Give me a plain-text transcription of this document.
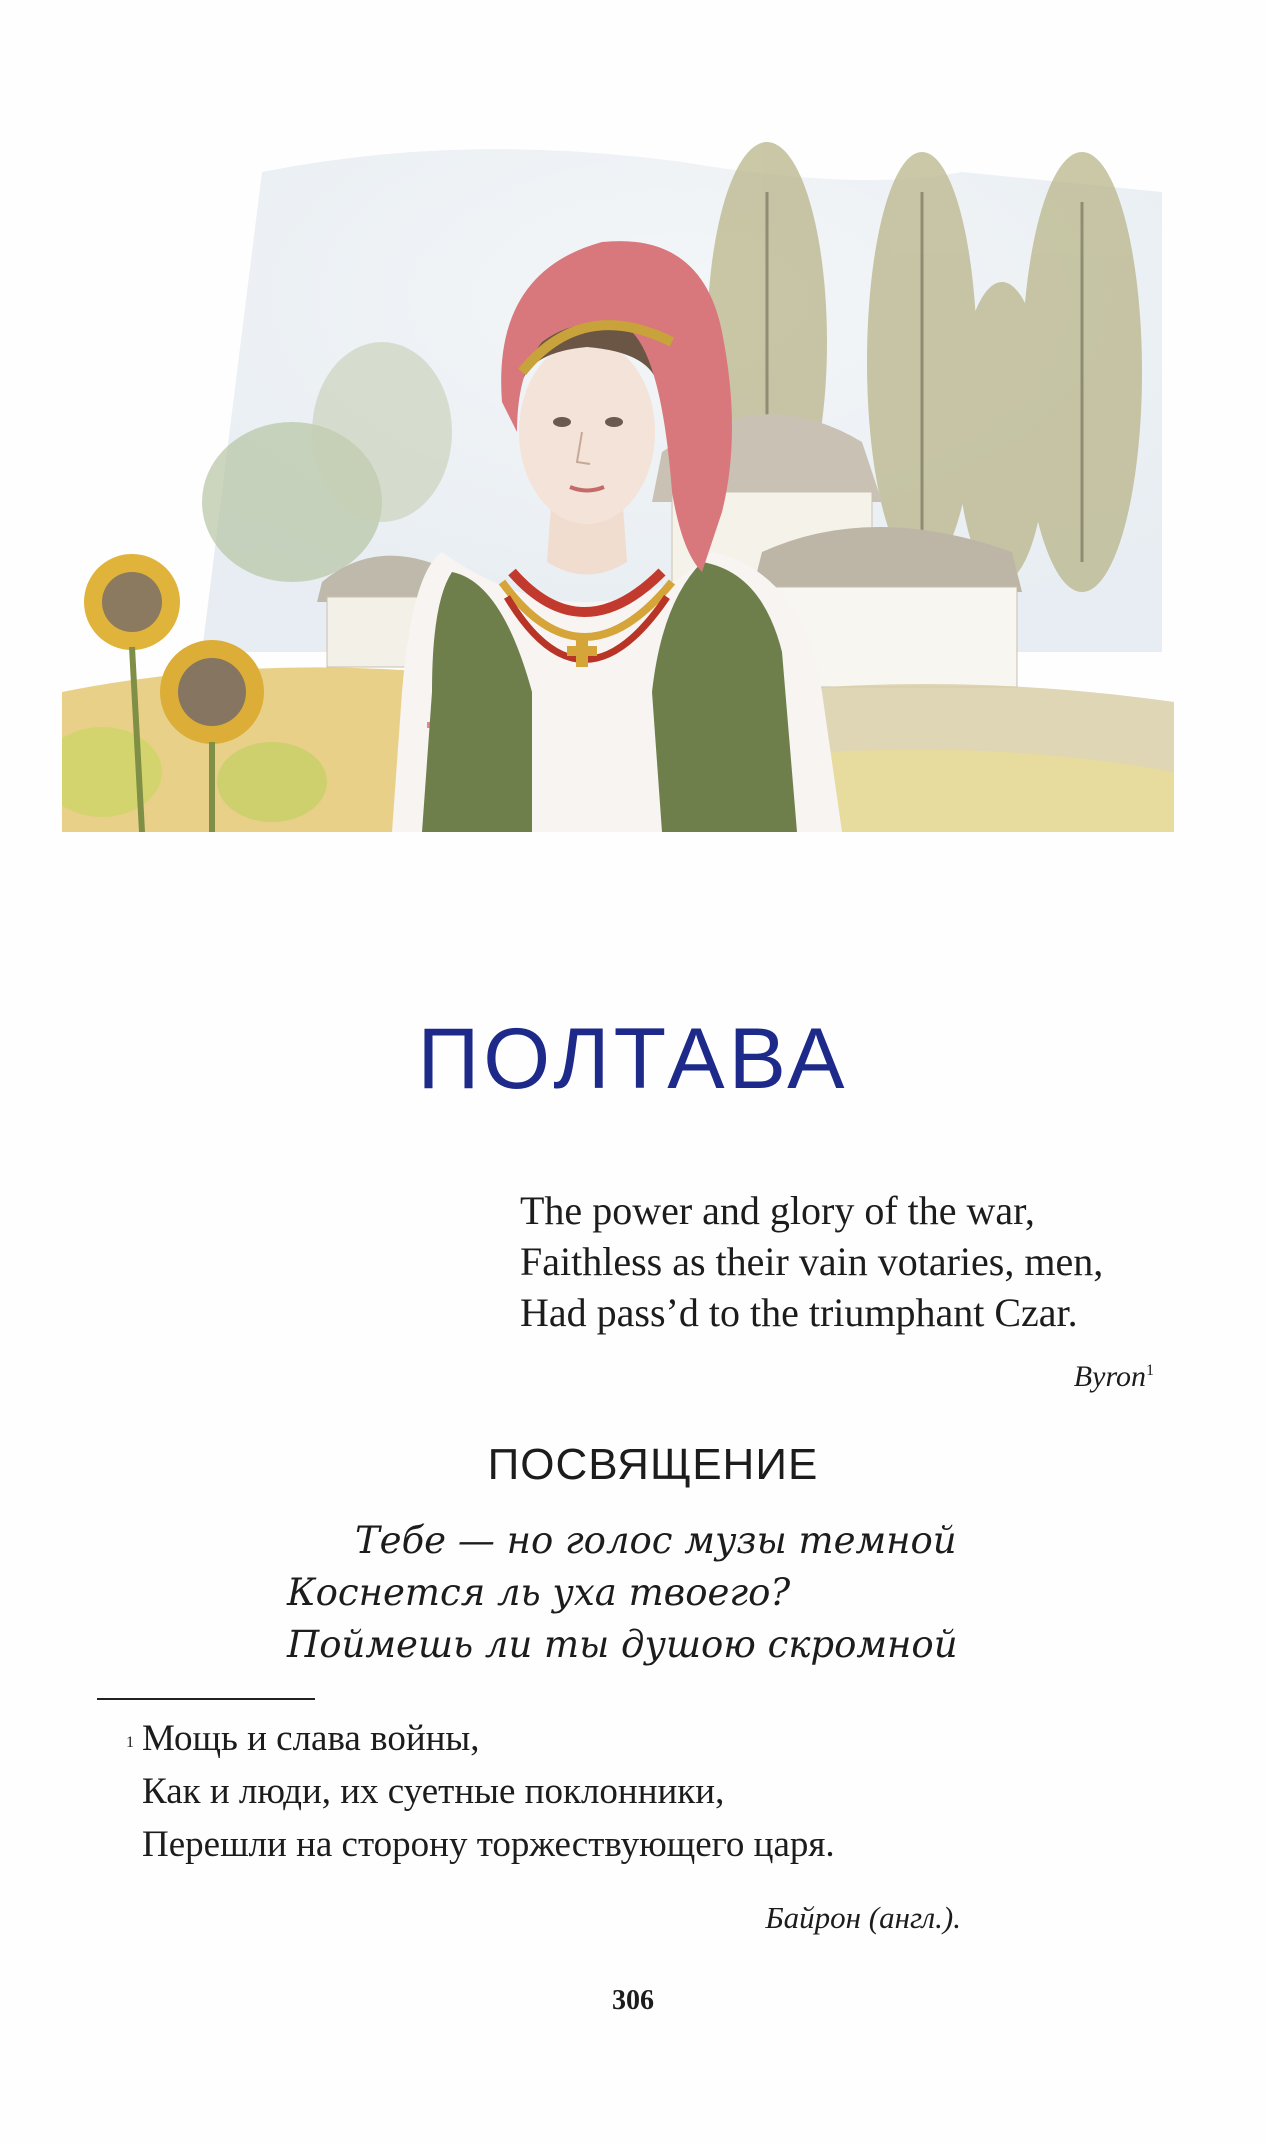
ПОЛТАВА
The power and glory of the war,
Faithless as their vain votaries, men,
Had pass’d to the triumphant Czar.
Byron$^1$
ПОСВЯЩЕНИЕ
Тебе — но голос музы темной
Коснется ль уха твоего?
Поймешь ли ты душою скромной
1 Мощь и слава войны,
Как и люди, их суетные поклонники,
Перешли на сторону торжествующего царя.
Байрон (англ.).
306
